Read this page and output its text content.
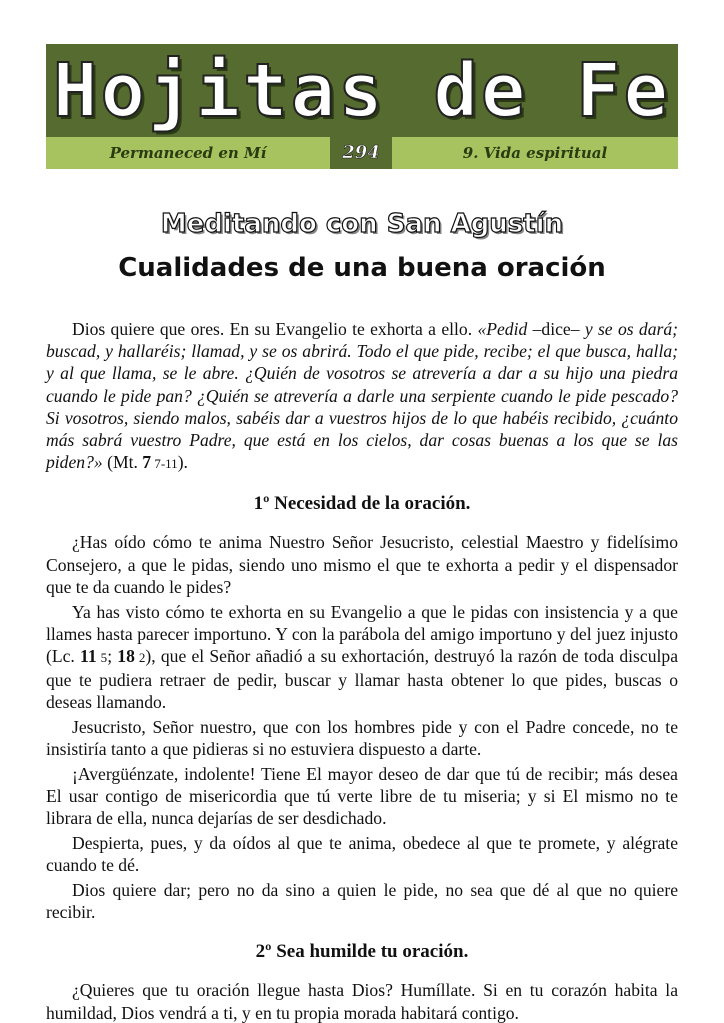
Hojitas de Fe
Permaneced en Mí	294	9. Vida espiritual
Meditando con San Agustín
Cualidades de una buena oración

Dios quiere que ores. En su Evangelio te exhorta a ello. «Pedid –dice– y se os dará; buscad, y hallaréis; llamad, y se os abrirá. Todo el que pide, recibe; el que busca, halla; y al que llama, se le abre. ¿Quién de vosotros se atrevería a dar a su hijo una piedra cuando le pide pan? ¿Quién se atrevería a darle una serpiente cuando le pide pescado? Si vosotros, siendo malos, sabéis dar a vuestros hijos de lo que habéis recibido, ¿cuánto más sabrá vuestro Padre, que está en los cielos, dar cosas buenas a los que se las piden?» (Mt. 7 7-11).

1º Necesidad de la oración.

¿Has oído cómo te anima Nuestro Señor Jesucristo, celestial Maestro y fidelísimo Consejero, a que le pidas, siendo uno mismo el que te exhorta a pedir y el dispensador que te da cuando le pides?

Ya has visto cómo te exhorta en su Evangelio a que le pidas con insistencia y a que llames hasta parecer importuno. Y con la parábola del amigo importuno y del juez injusto (Lc. 11 5; 18 2), que el Señor añadió a su exhortación, destruyó la razón de toda disculpa que te pudiera retraer de pedir, buscar y llamar hasta obtener lo que pides, buscas o deseas llamando.

Jesucristo, Señor nuestro, que con los hombres pide y con el Padre concede, no te insistiría tanto a que pidieras si no estuviera dispuesto a darte.

¡Avergüénzate, indolente! Tiene El mayor deseo de dar que tú de recibir; más desea El usar contigo de misericordia que tú verte libre de tu miseria; y si El mismo no te librara de ella, nunca dejarías de ser desdichado.

Despierta, pues, y da oídos al que te anima, obedece al que te promete, y alégrate cuando te dé.

Dios quiere dar; pero no da sino a quien le pide, no sea que dé al que no quiere recibir.

2º Sea humilde tu oración.

¿Quieres que tu oración llegue hasta Dios? Humíllate. Si en tu corazón habita la humildad, Dios vendrá a ti, y en tu propia morada habitará contigo.
